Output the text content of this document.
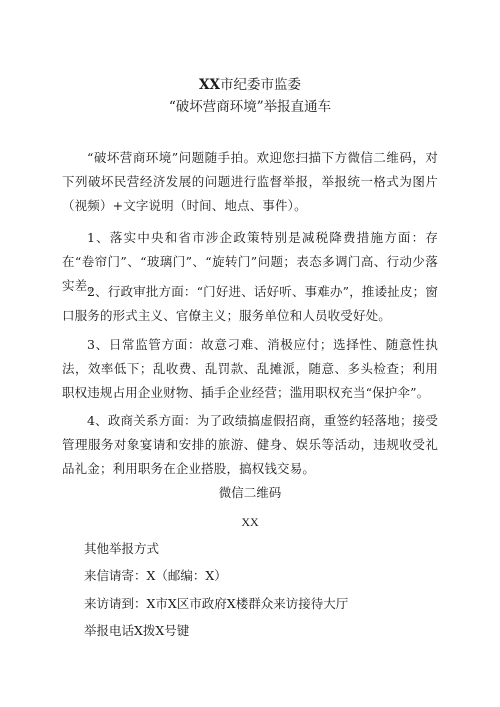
XX市纪委市监委
“破坏营商环境”举报直通车

“破坏营商环境”问题随手拍。欢迎您扫描下方微信二维码，对下列破坏民营经济发展的问题进行监督举报，举报统一格式为图片（视频）+文字说明（时间、地点、事件）。

1、落实中央和省市涉企政策特别是减税降费措施方面：存在“卷帘门”、“玻璃门”、“旋转门”问题；表态多调门高、行动少落实差。

2、行政审批方面：“门好进、话好听、事难办”，推诿扯皮；窗口服务的形式主义、官僚主义；服务单位和人员收受好处。

3、日常监管方面：故意刁难、消极应付；选择性、随意性执法，效率低下；乱收费、乱罚款、乱摊派，随意、多头检查；利用职权违规占用企业财物、插手企业经营；滥用职权充当“保护伞”。

4、政商关系方面：为了政绩搞虚假招商，重签约轻落地；接受管理服务对象宴请和安排的旅游、健身、娱乐等活动，违规收受礼品礼金；利用职务在企业搭股，搞权钱交易。

微信二维码
XX
其他举报方式
来信请寄：X（邮编：X）
来访请到：X市X区市政府X楼群众来访接待大厅
举报电话X拨X号键
